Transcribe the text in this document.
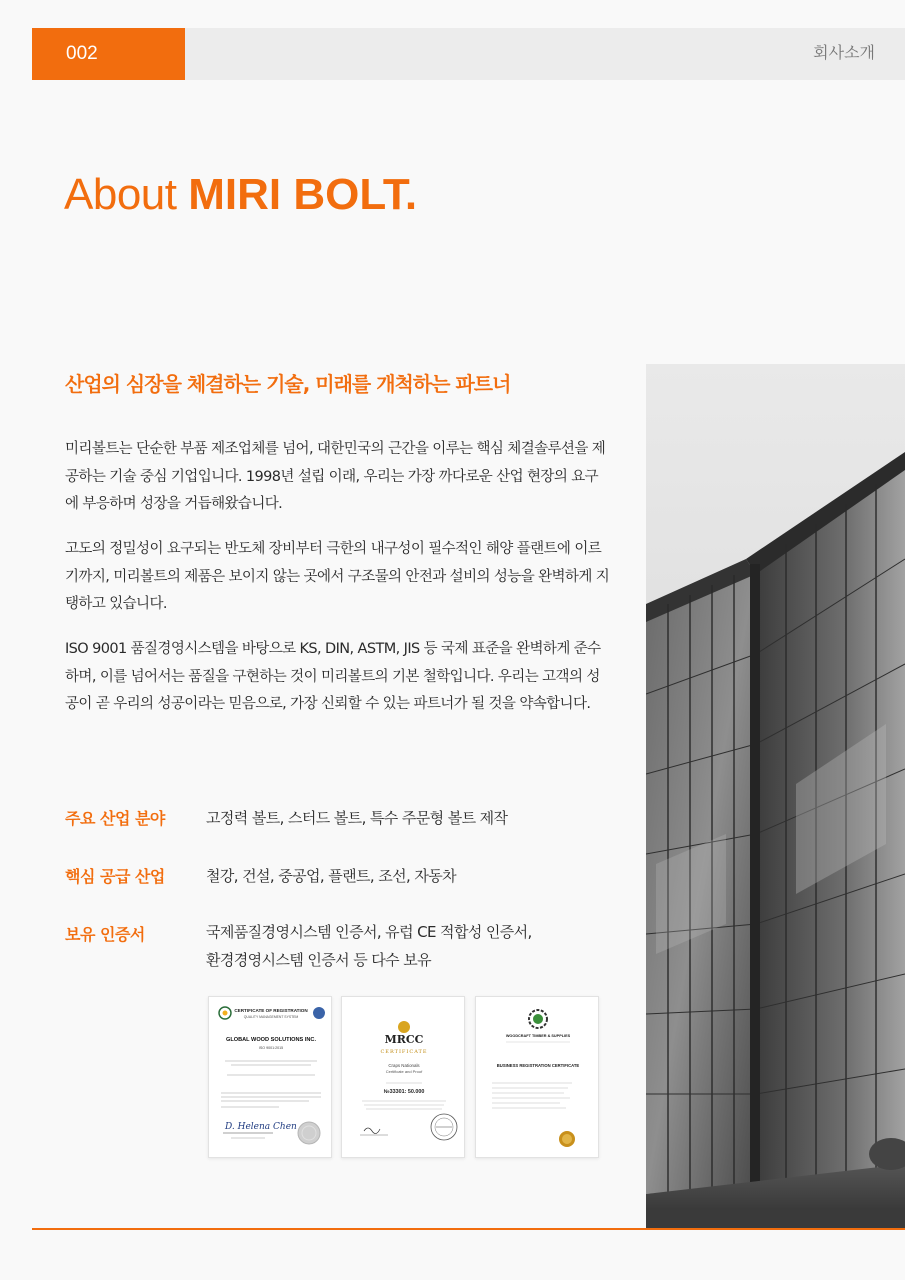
002	회사소개
About MIRI BOLT.
산업의 심장을 체결하는 기술, 미래를 개척하는 파트너
미리볼트는 단순한 부품 제조업체를 넘어, 대한민국의 근간을 이루는 핵심 체결솔루션을 제공하는 기술 중심 기업입니다. 1998년 설립 이래, 우리는 가장 까다로운 산업 현장의 요구에 부응하며 성장을 거듭해왔습니다.
고도의 정밀성이 요구되는 반도체 장비부터 극한의 내구성이 필수적인 해양 플랜트에 이르기까지, 미리볼트의 제품은 보이지 않는 곳에서 구조물의 안전과 설비의 성능을 완벽하게 지탱하고 있습니다.
ISO 9001 품질경영시스템을 바탕으로 KS, DIN, ASTM, JIS 등 국제 표준을 완벽하게 준수하며, 이를 넘어서는 품질을 구현하는 것이 미리볼트의 기본 철학입니다. 우리는 고객의 성공이 곧 우리의 성공이라는 믿음으로, 가장 신뢰할 수 있는 파트너가 될 것을 약속합니다.
주요 산업 분야	고정력 볼트, 스터드 볼트, 특수 주문형 볼트 제작
핵심 공급 산업	철강, 건설, 중공업, 플랜트, 조선, 자동차
보유 인증서	국제품질경영시스템 인증서, 유럽 CE 적합성 인증서,
환경경영시스템 인증서 등 다수 보유
CERTIFICATE OF REGISTRATION
QUALITY MANAGEMENT SYSTEM
GLOBAL WOOD SOLUTIONS INC.
ISO 9001:2015
D. Helena Chen
MRCC
CERTIFICATE
Craps Nationals
Certificate and Proof
№33301: 50.000
WOODCRAFT TIMBER & SUPPLIES
BUSINESS REGISTRATION CERTIFICATE
